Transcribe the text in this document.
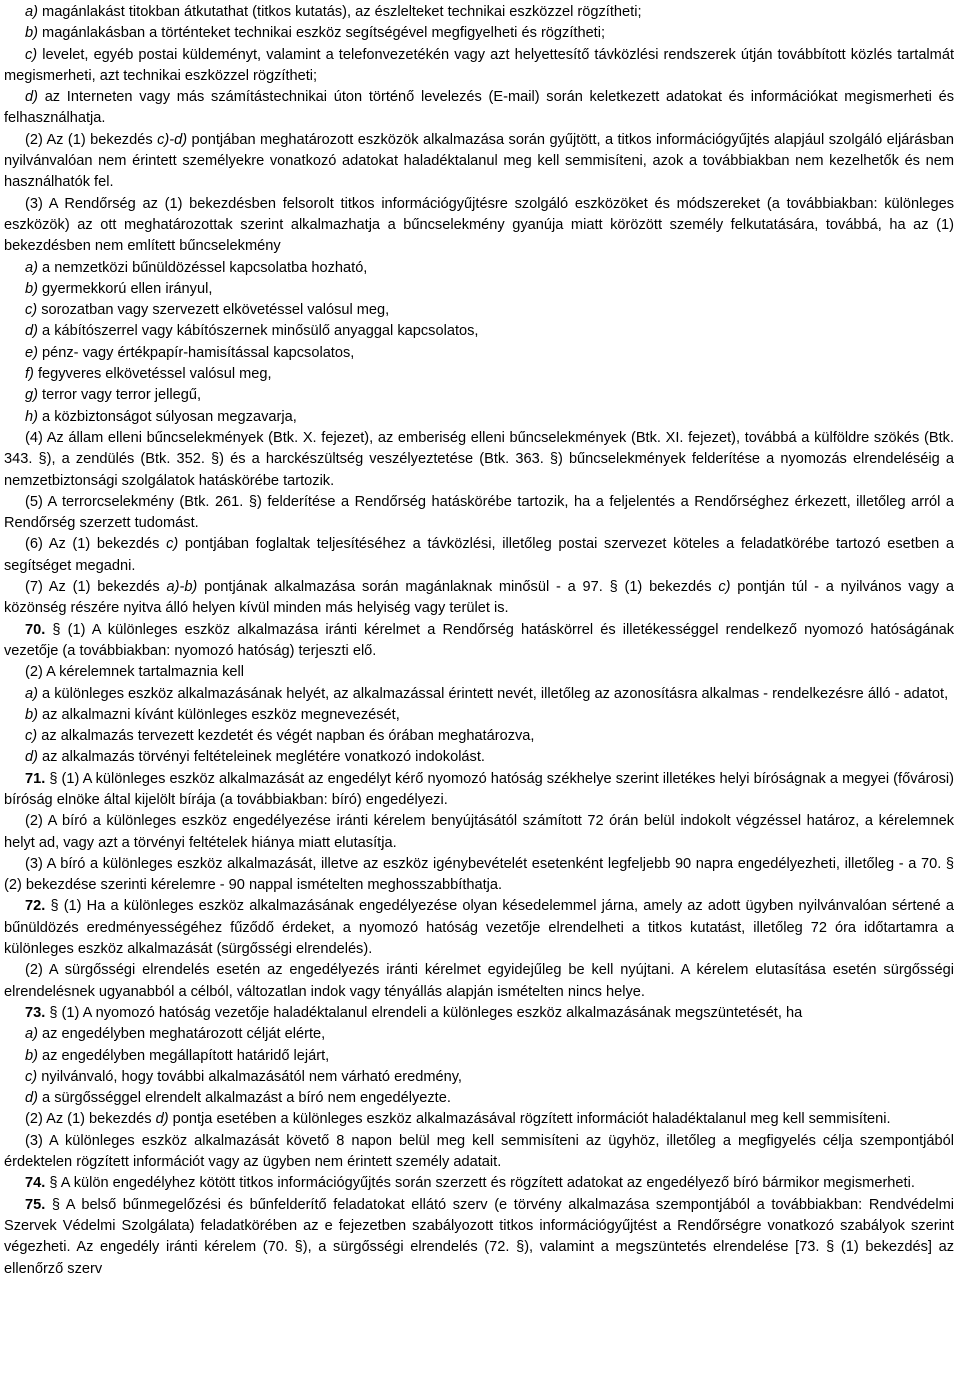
a) magánlakást titokban átkutathat (titkos kutatás), az észlelteket technikai eszközzel rögzítheti;
b) magánlakásban a történteket technikai eszköz segítségével megfigyelheti és rögzítheti;
c) levelet, egyéb postai küldeményt, valamint a telefonvezetékén vagy azt helyettesítő távközlési rendszerek útján továbbított közlés tartalmát megismerheti, azt technikai eszközzel rögzítheti;
d) az Interneten vagy más számítástechnikai úton történő levelezés (E-mail) során keletkezett adatokat és információkat megismerheti és felhasználhatja.
(2) Az (1) bekezdés c)-d) pontjában meghatározott eszközök alkalmazása során gyűjtött, a titkos információgyűjtés alapjául szolgáló eljárásban nyilvánvalóan nem érintett személyekre vonatkozó adatokat haladéktalanul meg kell semmisíteni, azok a továbbiakban nem kezelhetők és nem használhatók fel.
(3) A Rendőrség az (1) bekezdésben felsorolt titkos információgyűjtésre szolgáló eszközöket és módszereket (a továbbiakban: különleges eszközök) az ott meghatározottak szerint alkalmazhatja a bűncselekmény gyanúja miatt körözött személy felkutatására, továbbá, ha az (1) bekezdésben nem említett bűncselekmény
a) a nemzetközi bűnüldözéssel kapcsolatba hozható,
b) gyermekkorú ellen irányul,
c) sorozatban vagy szervezett elkövetéssel valósul meg,
d) a kábítószerrel vagy kábítószernek minősülő anyaggal kapcsolatos,
e) pénz- vagy értékpapír-hamisítással kapcsolatos,
f) fegyveres elkövetéssel valósul meg,
g) terror vagy terror jellegű,
h) a közbiztonságot súlyosan megzavarja,
(4) Az állam elleni bűncselekmények (Btk. X. fejezet), az emberiség elleni bűncselekmények (Btk. XI. fejezet), továbbá a külföldre szökés (Btk. 343. §), a zendülés (Btk. 352. §) és a harckészültség veszélyeztetése (Btk. 363. §) bűncselekmények felderítése a nyomozás elrendeléséig a nemzetbiztonsági szolgálatok hatáskörébe tartozik.
(5) A terrorcselekmény (Btk. 261. §) felderítése a Rendőrség hatáskörébe tartozik, ha a feljelentés a Rendőrséghez érkezett, illetőleg arról a Rendőrség szerzett tudomást.
(6) Az (1) bekezdés c) pontjában foglaltak teljesítéséhez a távközlési, illetőleg postai szervezet köteles a feladatkörébe tartozó esetben a segítséget megadni.
(7) Az (1) bekezdés a)-b) pontjának alkalmazása során magánlaknak minősül - a 97. § (1) bekezdés c) pontján túl - a nyilvános vagy a közönség részére nyitva álló helyen kívül minden más helyiség vagy terület is.
70. § (1) A különleges eszköz alkalmazása iránti kérelmet a Rendőrség hatáskörrel és illetékességgel rendelkező nyomozó hatóságának vezetője (a továbbiakban: nyomozó hatóság) terjeszti elő.
(2) A kérelemnek tartalmaznia kell
a) a különleges eszköz alkalmazásának helyét, az alkalmazással érintett nevét, illetőleg az azonosításra alkalmas - rendelkezésre álló - adatot,
b) az alkalmazni kívánt különleges eszköz megnevezését,
c) az alkalmazás tervezett kezdetét és végét napban és órában meghatározva,
d) az alkalmazás törvényi feltételeinek meglétére vonatkozó indokolást.
71. § (1) A különleges eszköz alkalmazását az engedélyt kérő nyomozó hatóság székhelye szerint illetékes helyi bíróságnak a megyei (fővárosi) bíróság elnöke által kijelölt bírája (a továbbiakban: bíró) engedélyezi.
(2) A bíró a különleges eszköz engedélyezése iránti kérelem benyújtásától számított 72 órán belül indokolt végzéssel határoz, a kérelemnek helyt ad, vagy azt a törvényi feltételek hiánya miatt elutasítja.
(3) A bíró a különleges eszköz alkalmazását, illetve az eszköz igénybevételét esetenként legfeljebb 90 napra engedélyezheti, illetőleg - a 70. § (2) bekezdése szerinti kérelemre - 90 nappal ismételten meghosszabbíthatja.
72. § (1) Ha a különleges eszköz alkalmazásának engedélyezése olyan késedelemmel járna, amely az adott ügyben nyilvánvalóan sértené a bűnüldözés eredményességéhez fűződő érdeket, a nyomozó hatóság vezetője elrendelheti a titkos kutatást, illetőleg 72 óra időtartamra a különleges eszköz alkalmazását (sürgősségi elrendelés).
(2) A sürgősségi elrendelés esetén az engedélyezés iránti kérelmet egyidejűleg be kell nyújtani. A kérelem elutasítása esetén sürgősségi elrendelésnek ugyanabból a célból, változatlan indok vagy tényállás alapján ismételten nincs helye.
73. § (1) A nyomozó hatóság vezetője haladéktalanul elrendeli a különleges eszköz alkalmazásának megszüntetését, ha
a) az engedélyben meghatározott célját elérte,
b) az engedélyben megállapított határidő lejárt,
c) nyilvánvaló, hogy további alkalmazásától nem várható eredmény,
d) a sürgősséggel elrendelt alkalmazást a bíró nem engedélyezte.
(2) Az (1) bekezdés d) pontja esetében a különleges eszköz alkalmazásával rögzített információt haladéktalanul meg kell semmisíteni.
(3) A különleges eszköz alkalmazását követő 8 napon belül meg kell semmisíteni az ügyhöz, illetőleg a megfigyelés célja szempontjából érdektelen rögzített információt vagy az ügyben nem érintett személy adatait.
74. § A külön engedélyhez kötött titkos információgyűjtés során szerzett és rögzített adatokat az engedélyező bíró bármikor megismerheti.
75. § A belső bűnmegelőzési és bűnfelderítő feladatokat ellátó szerv (e törvény alkalmazása szempontjából a továbbiakban: Rendvédelmi Szervek Védelmi Szolgálata) feladatkörében az e fejezetben szabályozott titkos információgyűjtést a Rendőrségre vonatkozó szabályok szerint végezheti. Az engedély iránti kérelem (70. §), a sürgősségi elrendelés (72. §), valamint a megszüntetés elrendelése [73. § (1) bekezdés] az ellenőrző szerv
